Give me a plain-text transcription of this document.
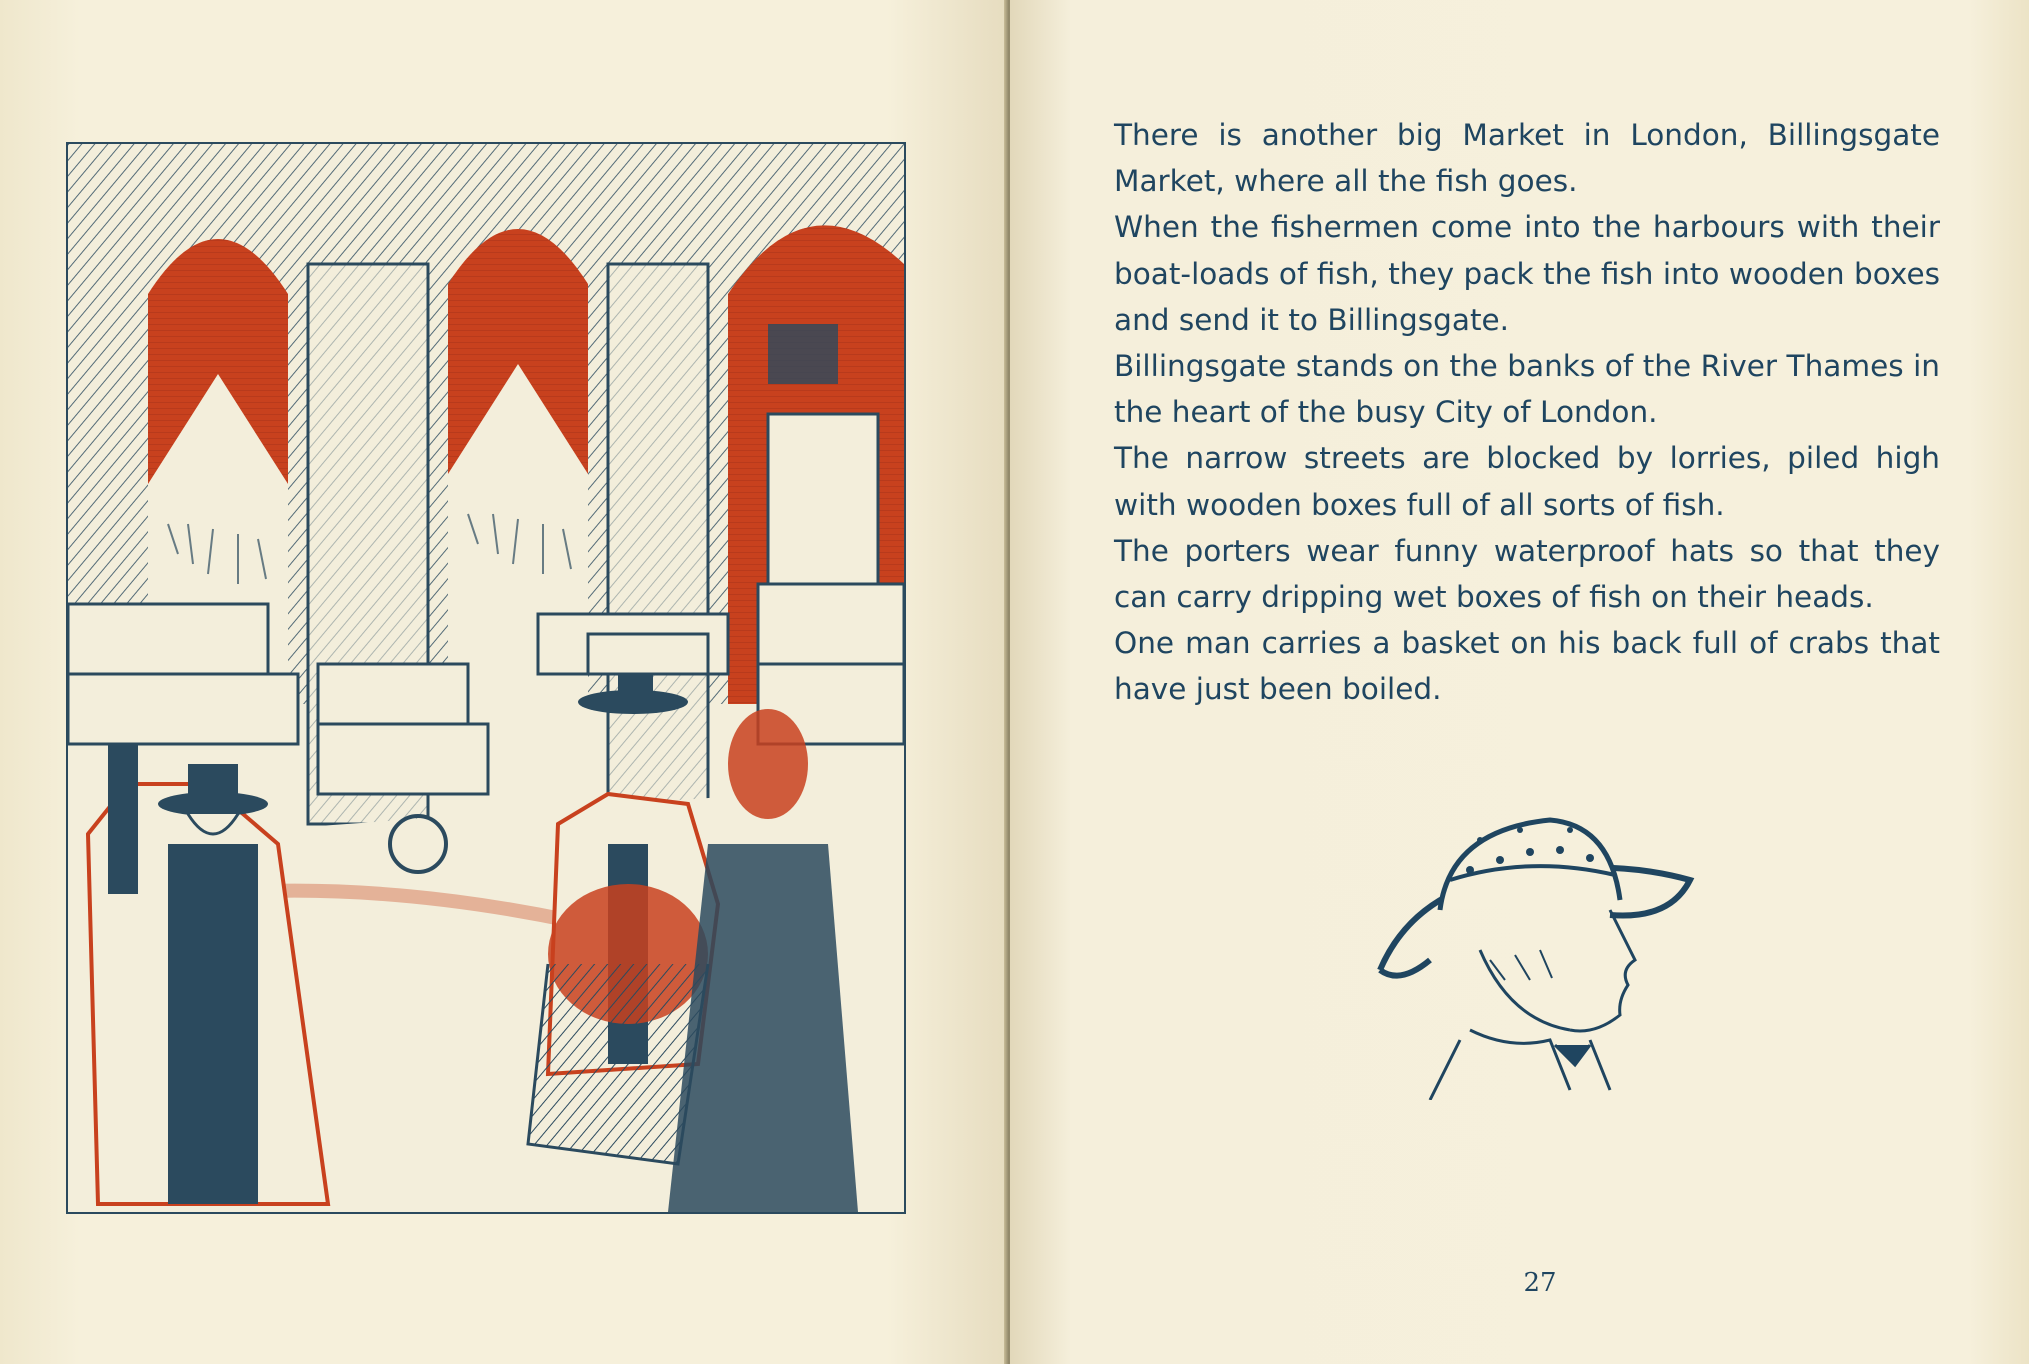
There is another big Market in London, Billingsgate Market, where all the fish goes.

When the fishermen come into the harbours with their boat-loads of fish, they pack the fish into wooden boxes and send it to Billingsgate.

Billingsgate stands on the banks of the River Thames in the heart of the busy City of London.

The narrow streets are blocked by lorries, piled high with wooden boxes full of all sorts of fish.

The porters wear funny waterproof hats so that they can carry dripping wet boxes of fish on their heads.

One man carries a basket on his back full of crabs that have just been boiled.

27
